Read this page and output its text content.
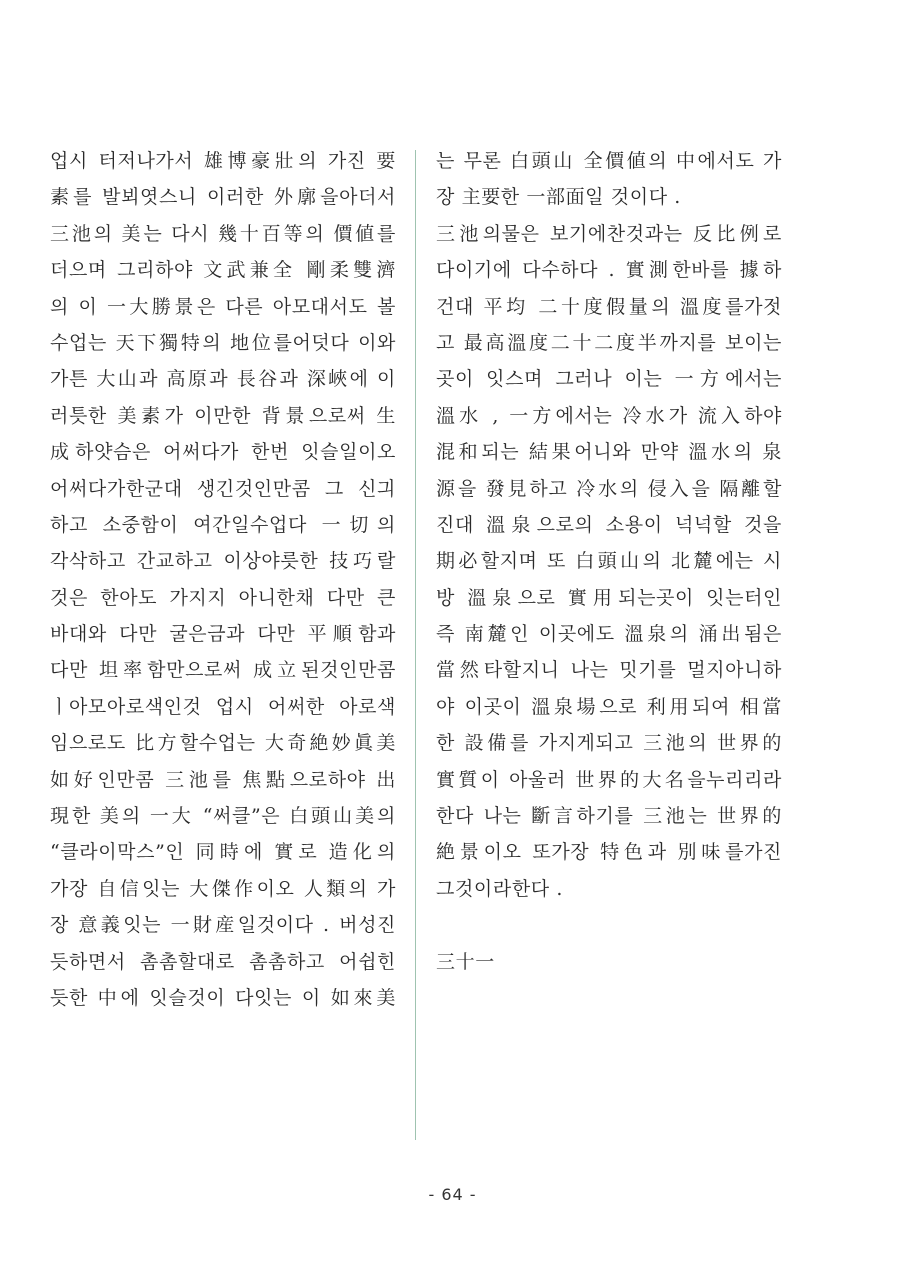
업시 터저나가서 雄博豪壯의 가진 要
素를 발뵈엿스니 이러한 外廓을아더서
三池의 美는 다시 幾十百等의 價値를
더으며 그리하야 文武兼全 剛柔雙濟
의 이 一大勝景은 다른 아모대서도 볼
수업는 天下獨特의 地位를어덧다 이와
가튼 大山과 高原과 長谷과 深峽에 이
러틋한 美素가 이만한 背景으로써 生
成하얏슴은 어써다가 한번 잇슬일이오
어써다가한군대 생긴것인만콤 그 신긔
하고 소중함이 여간일수업다 一切의
각삭하고 간교하고 이상야릇한 技巧랄
것은 한아도 가지지 아니한채 다만 큰
바대와 다만 굴은금과 다만 平順함과
다만 坦率함만으로써 成立된것인만콤
ㅣ아모아로색인것 업시 어써한 아로색
임으로도 比方할수업는 大奇絶妙眞美
如好인만콤 三池를 焦點으로하야 出
現한 美의 一大 “써클”은 白頭山美의
“클라이막스”인 同時에 實로 造化의
가장 自信잇는 大傑作이오 人類의 가
장 意義잇는 一財産일것이다 . 버성진
듯하면서 촘촘할대로 촘촘하고 어쉽힌
듯한 中에 잇슬것이 다잇는 이 如來美
는 무론 白頭山 全價値의 中에서도 가
장 主要한 一部面일 것이다 .
三池의물은 보기에찬것과는 反比例로
다이기에 다수하다 . 實測한바를 據하
건대 平均 二十度假量의 溫度를가젓
고 最高溫度二十二度半까지를 보이는
곳이 잇스며 그러나 이는 一方에서는
溫水 , 一方에서는 冷水가 流入하야
混和되는 結果어니와 만약 溫水의 泉
源을 發見하고 冷水의 侵入을 隔離할
진대 溫泉으로의 소용이 넉넉할 것을
期必할지며 또 白頭山의 北麓에는 시
방 溫泉으로 實用되는곳이 잇는터인
즉 南麓인 이곳에도 溫泉의 涌出됨은
當然타할지니 나는 밋기를 멀지아니하
야 이곳이 溫泉場으로 利用되여 相當
한 設備를 가지게되고 三池의 世界的
實質이 아울러 世界的大名을누리리라
한다 나는 斷言하기를 三池는 世界的
絶景이오 또가장 特色과 別味를가진
그것이라한다 .
三十一
- 64 -
